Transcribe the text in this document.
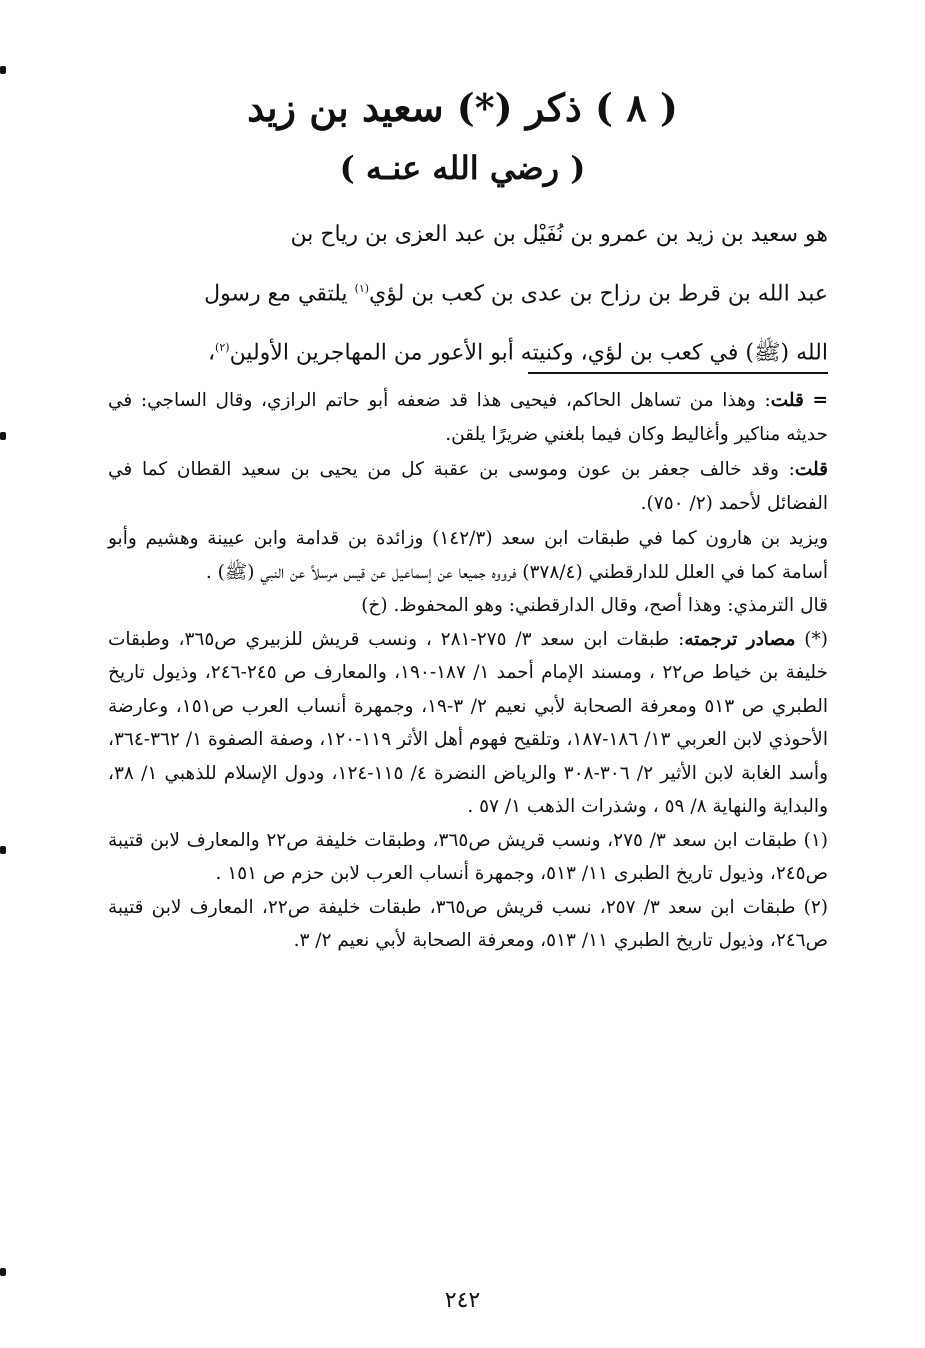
( ٨ ) ذكر (*) سعيد بن زيد
( رضي الله عنـه )

هو سعيد بن زيد بن عمرو بن نُفَيْل بن عبد العزى بن رياح بن

عبد الله بن قرط بن رزاح بن عدى بن كعب بن لؤي$^{(١)}$ يلتقي مع رسول

الله (ﷺ) في كعب بن لؤي، وكنيته أبو الأعور من المهاجرين الأولين$^{(٢)}$،

= قلت: وهذا من تساهل الحاكم، فيحيى هذا قد ضعفه أبو حاتم الرازي، وقال الساجي: في حديثه مناكير وأغاليط وكان فيما بلغني ضريرًا يلقن.

قلت: وقد خالف جعفر بن عون وموسى بن عقبة كل من يحيى بن سعيد القطان كما في الفضائل لأحمد (٢/ ٧٥٠).

ويزيد بن هارون كما في طبقات ابن سعد (١٤٢/٣) وزائدة بن قدامة وابن عيينة وهشيم وأبو أسامة كما في العلل للدارقطني (٣٧٨/٤) فرووه جميعا عن إسماعيل عن قيس مرسلاً عن النبي (ﷺ) .

قال الترمذي: وهذا أصح، وقال الدارقطني: وهو المحفوظ. (خ)

(*) مصادر ترجمته: طبقات ابن سعد ٣/ ٢٧٥-٢٨١ ، ونسب قريش للزبيري ص٣٦٥، وطبقات خليفة بن خياط ص٢٢ ، ومسند الإمام أحمد ١/ ١٨٧-١٩٠، والمعارف ص ٢٤٥-٢٤٦، وذيول تاريخ الطبري ص ٥١٣ ومعرفة الصحابة لأبي نعيم ٢/ ٣-١٩، وجمهرة أنساب العرب ص١٥١، وعارضة الأحوذي لابن العربي ١٣/ ١٨٦-١٨٧، وتلقيح فهوم أهل الأثر ١١٩-١٢٠، وصفة الصفوة ١/ ٣٦٢-٣٦٤، وأسد الغابة لابن الأثير ٢/ ٣٠٦-٣٠٨ والرياض النضرة ٤/ ١١٥-١٢٤، ودول الإسلام للذهبي ١/ ٣٨، والبداية والنهاية ٨/ ٥٩ ، وشذرات الذهب ١/ ٥٧ .

(١) طبقات ابن سعد ٣/ ٢٧٥، ونسب قريش ص٣٦٥، وطبقات خليفة ص٢٢ والمعارف لابن قتيبة ص٢٤٥، وذيول تاريخ الطبرى ١١/ ٥١٣، وجمهرة أنساب العرب لابن حزم ص ١٥١ .

(٢) طبقات ابن سعد ٣/ ٢٥٧، نسب قريش ص٣٦٥، طبقات خليفة ص٢٢، المعارف لابن قتيبة ص٢٤٦، وذيول تاريخ الطبري ١١/ ٥١٣، ومعرفة الصحابة لأبي نعيم ٢/ ٣.

٢٤٢
